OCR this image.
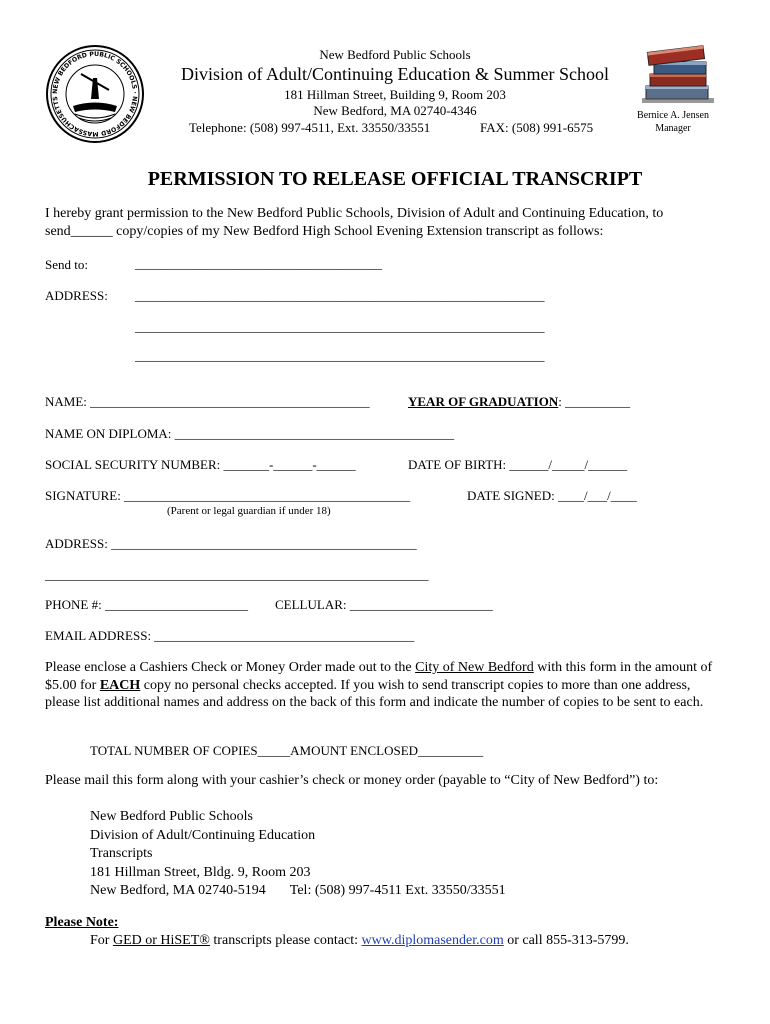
NEW BEDFORD PUBLIC SCHOOLS · NEW BEDFORD MASSACHUSETTS
New Bedford Public Schools
Division of Adult/Continuing Education & Summer School
181 Hillman Street, Building 9, Room 203
New Bedford, MA 02740-4346
Telephone: (508) 997-4511, Ext. 33550/33551	FAX: (508) 991-6575
Bernice A. Jensen
Manager
PERMISSION TO RELEASE OFFICIAL TRANSCRIPT
I hereby grant permission to the New Bedford Public Schools, Division of Adult and Continuing Education, to
send______ copy/copies of my New Bedford High School Evening Extension transcript as follows:
Send to:	______________________________________
ADDRESS: _______________________________________________________________
_______________________________________________________________
_______________________________________________________________
NAME: ___________________________________________	YEAR OF GRADUATION: __________
NAME ON DIPLOMA: ___________________________________________
SOCIAL SECURITY NUMBER: _______-______-______	DATE OF BIRTH: ______/_____/______
SIGNATURE: ____________________________________________	DATE SIGNED: ____/___/____
(Parent or legal guardian if under 18)
ADDRESS: _______________________________________________
___________________________________________________________
PHONE #: ______________________ CELLULAR: ______________________
EMAIL ADDRESS: ________________________________________
Please enclose a Cashiers Check or Money Order made out to the City of New Bedford with this form in the amount of $5.00 for EACH copy no personal checks accepted. If you wish to send transcript copies to more than one address, please list additional names and address on the back of this form and indicate the number of copies to be sent to each.
TOTAL NUMBER OF COPIES_____AMOUNT ENCLOSED__________
Please mail this form along with your cashier’s check or money order (payable to “City of New Bedford”) to:
New Bedford Public Schools
Division of Adult/Continuing Education
Transcripts
181 Hillman Street, Bldg. 9, Room 203
New Bedford, MA 02740-5194 Tel: (508) 997-4511 Ext. 33550/33551
Please Note:
For GED or HiSET® transcripts please contact: www.diplomasender.com or call 855-313-5799.
